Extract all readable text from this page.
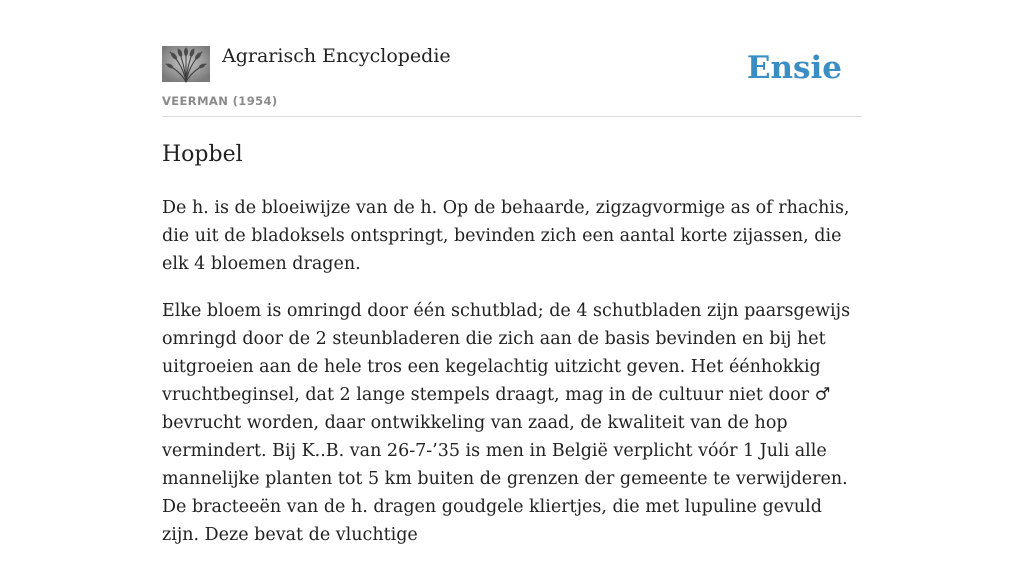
Agrarisch Encyclopedie
VEERMAN (1954)
Ensie
Hopbel

De h. is de bloeiwijze van de h. Op de behaarde, zigzagvormige as of rhachis, die uit de bladoksels ontspringt, bevinden zich een aantal korte zijassen, die elk 4 bloemen dragen.

Elke bloem is omringd door één schutblad; de 4 schutbladen zijn paarsgewijs omringd door de 2 steunbladeren die zich aan de basis bevinden en bij het uitgroeien aan de hele tros een kegelachtig uitzicht geven. Het éénhokkig vruchtbeginsel, dat 2 lange stempels draagt, mag in de cultuur niet door ♂ bevrucht worden, daar ontwikkeling van zaad, de kwaliteit van de hop vermindert. Bij K..B. van 26-7-’35 is men in België verplicht vóór 1 Juli alle mannelijke planten tot 5 km buiten de grenzen der gemeente te verwijderen. De bracteeën van de h. dragen goudgele kliertjes, die met lupuline gevuld zijn. Deze bevat de vluchtige
